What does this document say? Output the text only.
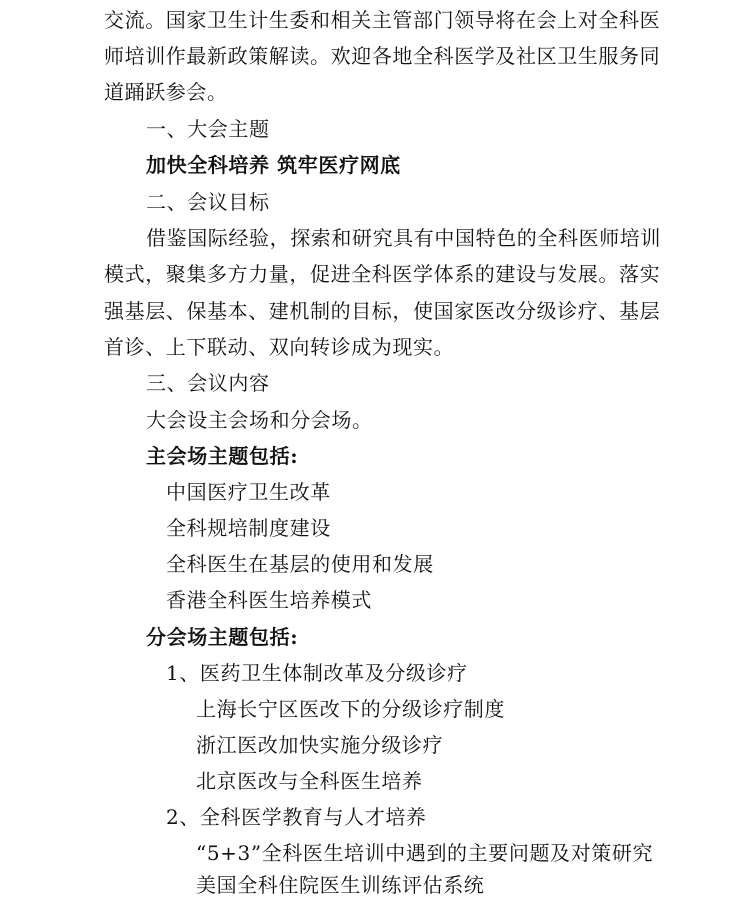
交流。国家卫生计生委和相关主管部门领导将在会上对全科医
师培训作最新政策解读。欢迎各地全科医学及社区卫生服务同
道踊跃参会。
一、大会主题
加快全科培养 筑牢医疗网底
二、会议目标
借鉴国际经验，探索和研究具有中国特色的全科医师培训
模式，聚集多方力量，促进全科医学体系的建设与发展。落实
强基层、保基本、建机制的目标，使国家医改分级诊疗、基层
首诊、上下联动、双向转诊成为现实。
三、会议内容
大会设主会场和分会场。
主会场主题包括:
中国医疗卫生改革
全科规培制度建设
全科医生在基层的使用和发展
香港全科医生培养模式
分会场主题包括:
1、医药卫生体制改革及分级诊疗
上海长宁区医改下的分级诊疗制度
浙江医改加快实施分级诊疗
北京医改与全科医生培养
2、全科医学教育与人才培养
“5+3”全科医生培训中遇到的主要问题及对策研究
美国全科住院医生训练评估系统
